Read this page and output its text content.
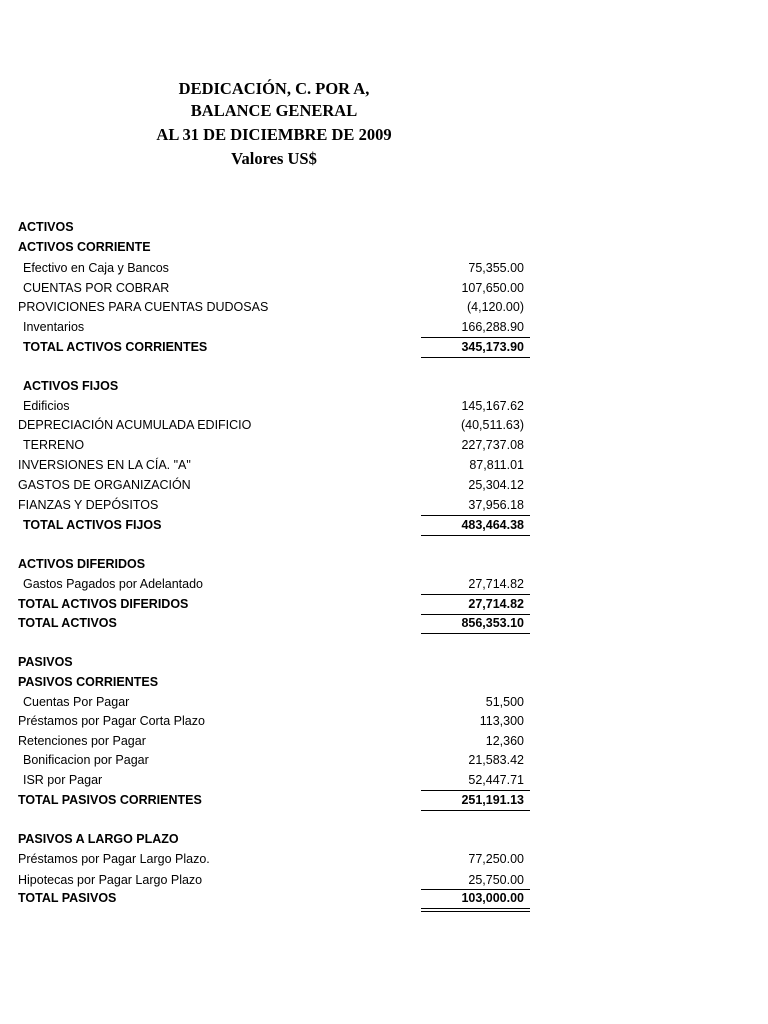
DEDICACIÓN, C. POR A,
BALANCE GENERAL
AL 31 DE DICIEMBRE DE 2009
Valores US$
ACTIVOS
ACTIVOS CORRIENTE
Efectivo en Caja y Bancos	75,355.00
CUENTAS POR COBRAR	107,650.00
PROVICIONES PARA CUENTAS DUDOSAS	(4,120.00)
Inventarios	166,288.90
TOTAL ACTIVOS CORRIENTES	345,173.90
ACTIVOS FIJOS
Edificios	145,167.62
DEPRECIACIÓN ACUMULADA EDIFICIO	(40,511.63)
TERRENO	227,737.08
INVERSIONES EN LA CÍA. "A"	87,811.01
GASTOS DE ORGANIZACIÓN	25,304.12
FIANZAS Y DEPÓSITOS	37,956.18
TOTAL ACTIVOS FIJOS	483,464.38
ACTIVOS DIFERIDOS
Gastos Pagados por Adelantado	27,714.82
TOTAL ACTIVOS DIFERIDOS	27,714.82
TOTAL ACTIVOS	856,353.10
PASIVOS
PASIVOS CORRIENTES
Cuentas Por Pagar	51,500
Préstamos por Pagar Corta Plazo	113,300
Retenciones por Pagar	12,360
Bonificacion por Pagar	21,583.42
ISR por Pagar	52,447.71
TOTAL PASIVOS CORRIENTES	251,191.13
PASIVOS A LARGO PLAZO
Préstamos por Pagar Largo Plazo.	77,250.00
Hipotecas por Pagar Largo Plazo	25,750.00
TOTAL PASIVOS	103,000.00
